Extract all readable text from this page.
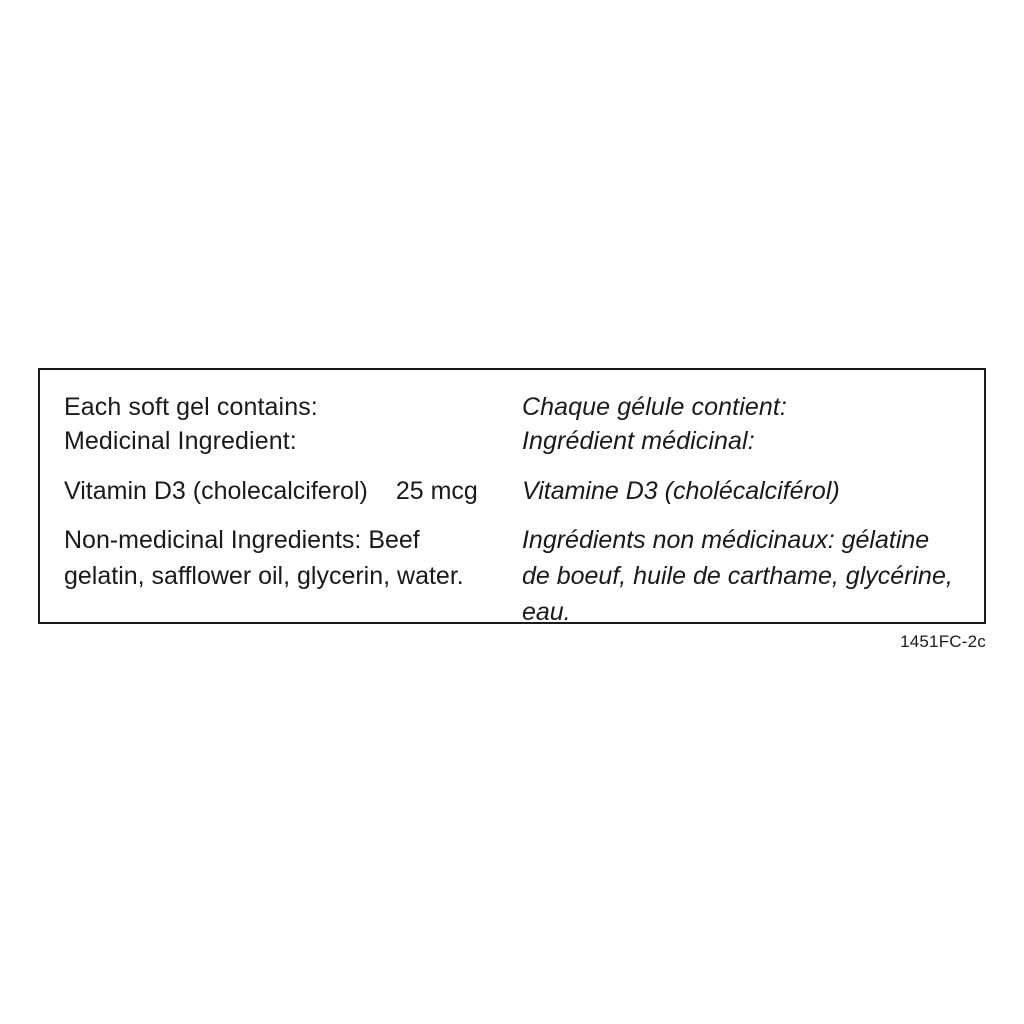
Each soft gel contains:
Medicinal Ingredient:
Vitamin D3 (cholecalciferol) 25 mcg
Non-medicinal Ingredients: Beef gelatin, safflower oil, glycerin, water.
Chaque gélule contient:
Ingrédient médicinal:
Vitamine D3 (cholécalciférol)
Ingrédients non médicinaux: gélatine de boeuf, huile de carthame, glycérine, eau.
1451FC-2c
